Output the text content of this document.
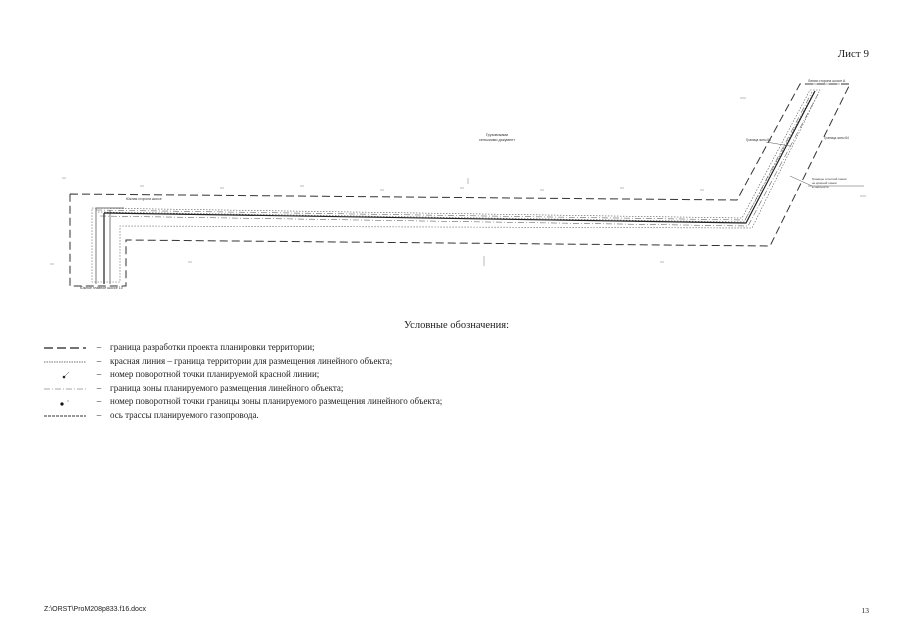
Лист 9
Грузовиками
сельскими документ
Южная сторона шоссе
Южное главное шоссе 10
Линия сторона шоссе А
Граница зоны 64	Граница зоны 64
Границы отчетной линии
не красной линии
в частности
Условные обозначения:
– граница разработки проекта планировки территории;
– красная линия – граница территории для размещения линейного объекта;
– номер поворотной точки планируемой красной линии;
– граница зоны планируемого размещения линейного объекта;
– номер поворотной точки границы зоны планируемого размещения линейного объекта;
– ось трассы планируемого газопровода.
Z:\ORST\ProM208p833.f16.docx	13
